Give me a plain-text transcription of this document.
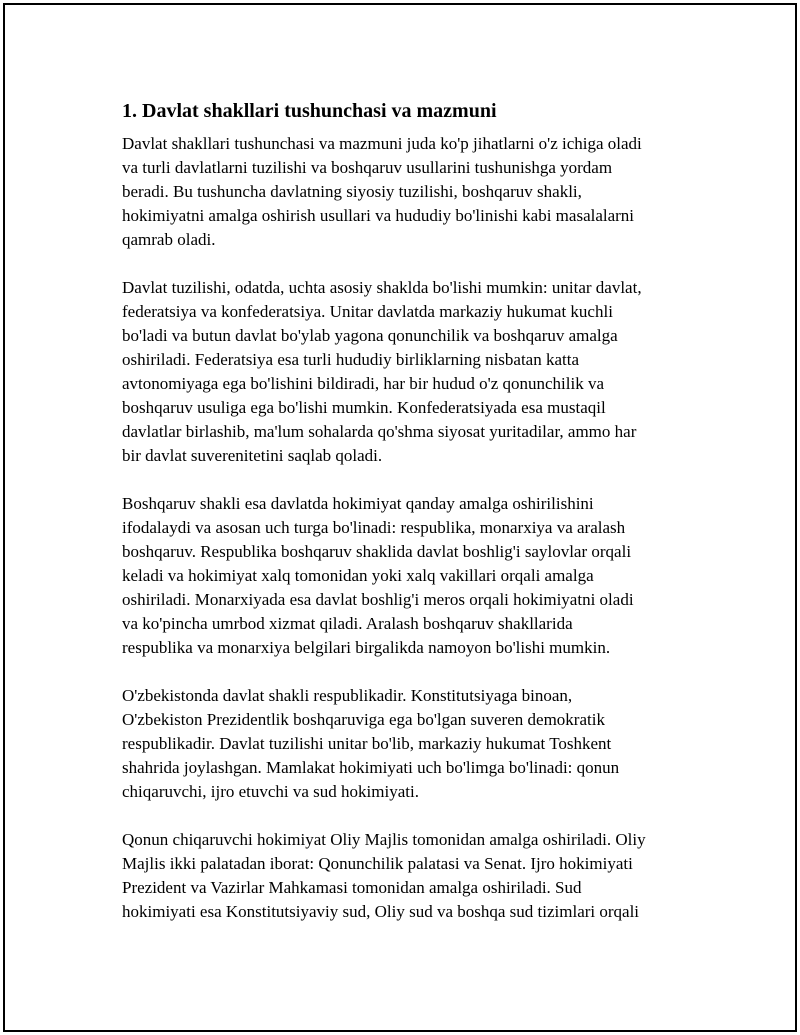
1. Davlat shakllari tushunchasi va mazmuni

Davlat shakllari tushunchasi va mazmuni juda ko'p jihatlarni o'z ichiga oladi
va turli davlatlarni tuzilishi va boshqaruv usullarini tushunishga yordam
beradi. Bu tushuncha davlatning siyosiy tuzilishi, boshqaruv shakli,
hokimiyatni amalga oshirish usullari va hududiy bo'linishi kabi masalalarni
qamrab oladi.

Davlat tuzilishi, odatda, uchta asosiy shaklda bo'lishi mumkin: unitar davlat,
federatsiya va konfederatsiya. Unitar davlatda markaziy hukumat kuchli
bo'ladi va butun davlat bo'ylab yagona qonunchilik va boshqaruv amalga
oshiriladi. Federatsiya esa turli hududiy birliklarning nisbatan katta
avtonomiyaga ega bo'lishini bildiradi, har bir hudud o'z qonunchilik va
boshqaruv usuliga ega bo'lishi mumkin. Konfederatsiyada esa mustaqil
davlatlar birlashib, ma'lum sohalarda qo'shma siyosat yuritadilar, ammo har
bir davlat suverenitetini saqlab qoladi.

Boshqaruv shakli esa davlatda hokimiyat qanday amalga oshirilishini
ifodalaydi va asosan uch turga bo'linadi: respublika, monarxiya va aralash
boshqaruv. Respublika boshqaruv shaklida davlat boshlig'i saylovlar orqali
keladi va hokimiyat xalq tomonidan yoki xalq vakillari orqali amalga
oshiriladi. Monarxiyada esa davlat boshlig'i meros orqali hokimiyatni oladi
va ko'pincha umrbod xizmat qiladi. Aralash boshqaruv shakllarida
respublika va monarxiya belgilari birgalikda namoyon bo'lishi mumkin.

O'zbekistonda davlat shakli respublikadir. Konstitutsiyaga binoan,
O'zbekiston Prezidentlik boshqaruviga ega bo'lgan suveren demokratik
respublikadir. Davlat tuzilishi unitar bo'lib, markaziy hukumat Toshkent
shahrida joylashgan. Mamlakat hokimiyati uch bo'limga bo'linadi: qonun
chiqaruvchi, ijro etuvchi va sud hokimiyati.

Qonun chiqaruvchi hokimiyat Oliy Majlis tomonidan amalga oshiriladi. Oliy
Majlis ikki palatadan iborat: Qonunchilik palatasi va Senat. Ijro hokimiyati
Prezident va Vazirlar Mahkamasi tomonidan amalga oshiriladi. Sud
hokimiyati esa Konstitutsiyaviy sud, Oliy sud va boshqa sud tizimlari orqali
